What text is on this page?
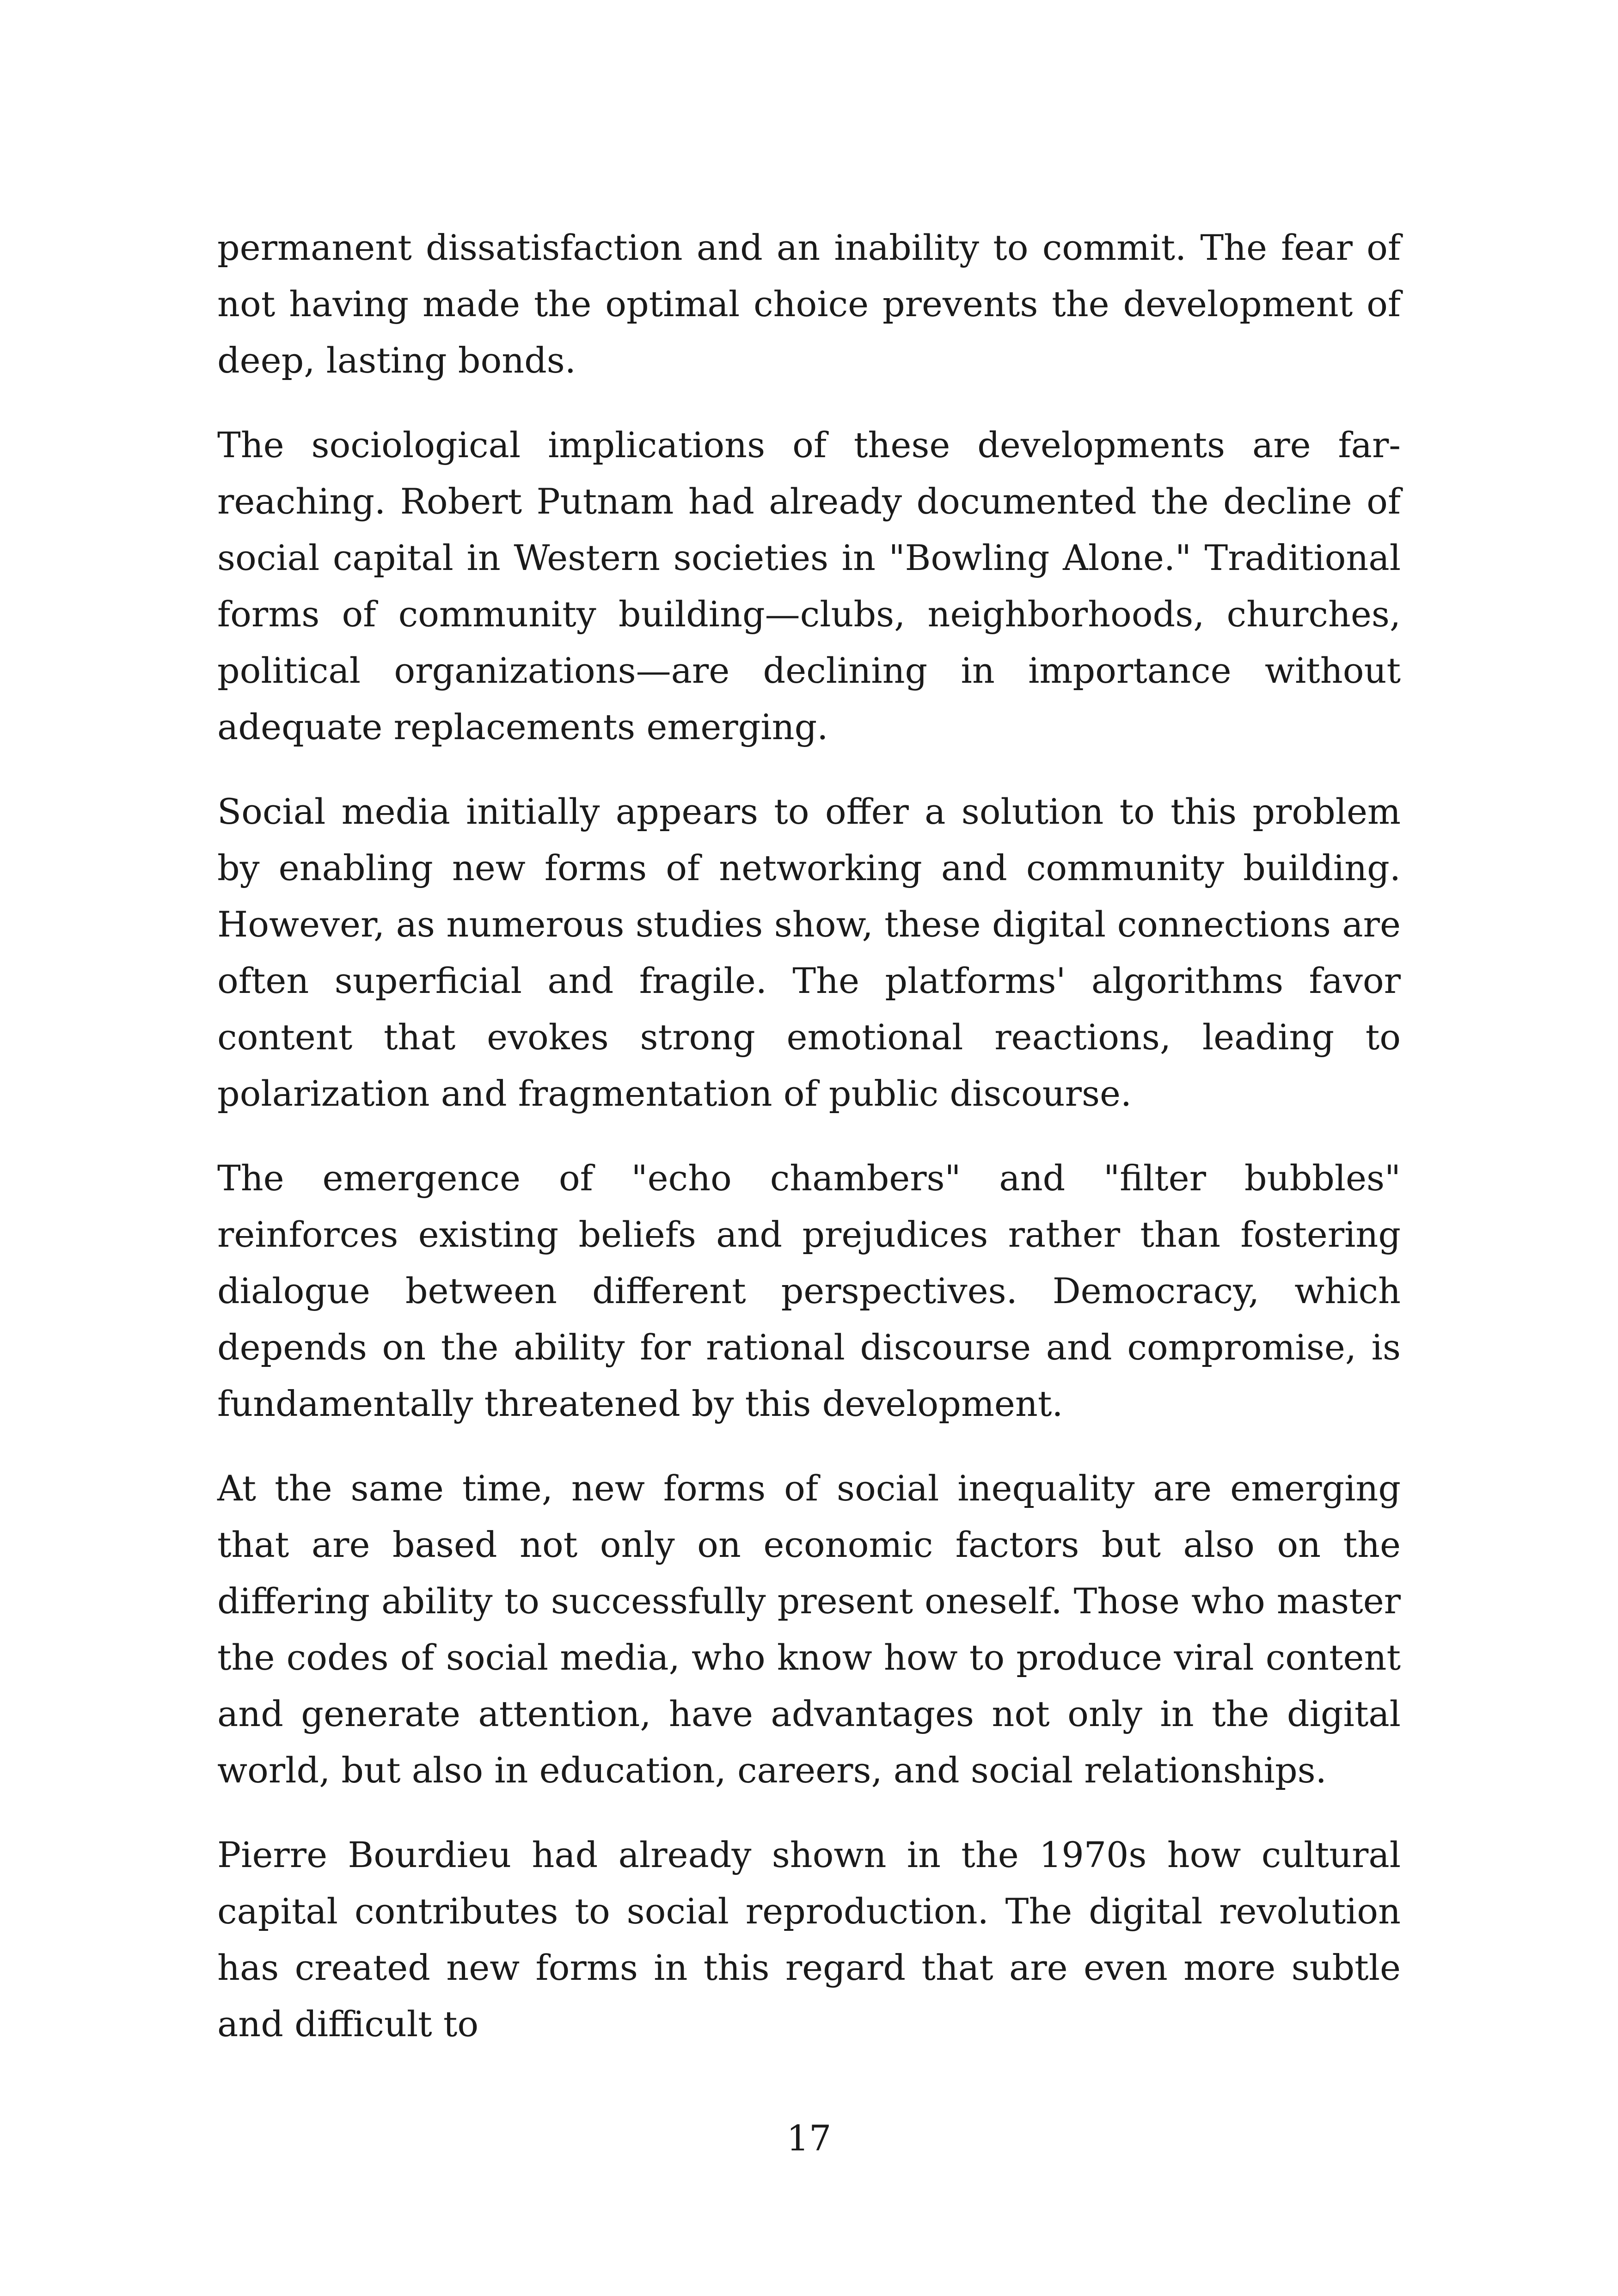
permanent dissatisfaction and an inability to commit. The fear of not having made the optimal choice prevents the development of deep, lasting bonds.

The sociological implications of these developments are far-reaching. Robert Putnam had already documented the decline of social capital in Western societies in "Bowling Alone." Traditional forms of community building—clubs, neighborhoods, churches, political organizations—are declining in importance without adequate replacements emerging.

Social media initially appears to offer a solution to this problem by enabling new forms of networking and community building. However, as numerous studies show, these digital connections are often superficial and fragile. The platforms' algorithms favor content that evokes strong emotional reactions, leading to polarization and fragmentation of public discourse.

The emergence of "echo chambers" and "filter bubbles" reinforces existing beliefs and prejudices rather than fostering dialogue between different perspectives. Democracy, which depends on the ability for rational discourse and compromise, is fundamentally threatened by this development.

At the same time, new forms of social inequality are emerging that are based not only on economic factors but also on the differing ability to successfully present oneself. Those who master the codes of social media, who know how to produce viral content and generate attention, have advantages not only in the digital world, but also in education, careers, and social relationships.

Pierre Bourdieu had already shown in the 1970s how cultural capital contributes to social reproduction. The digital revolution has created new forms in this regard that are even more subtle and difficult to

17
